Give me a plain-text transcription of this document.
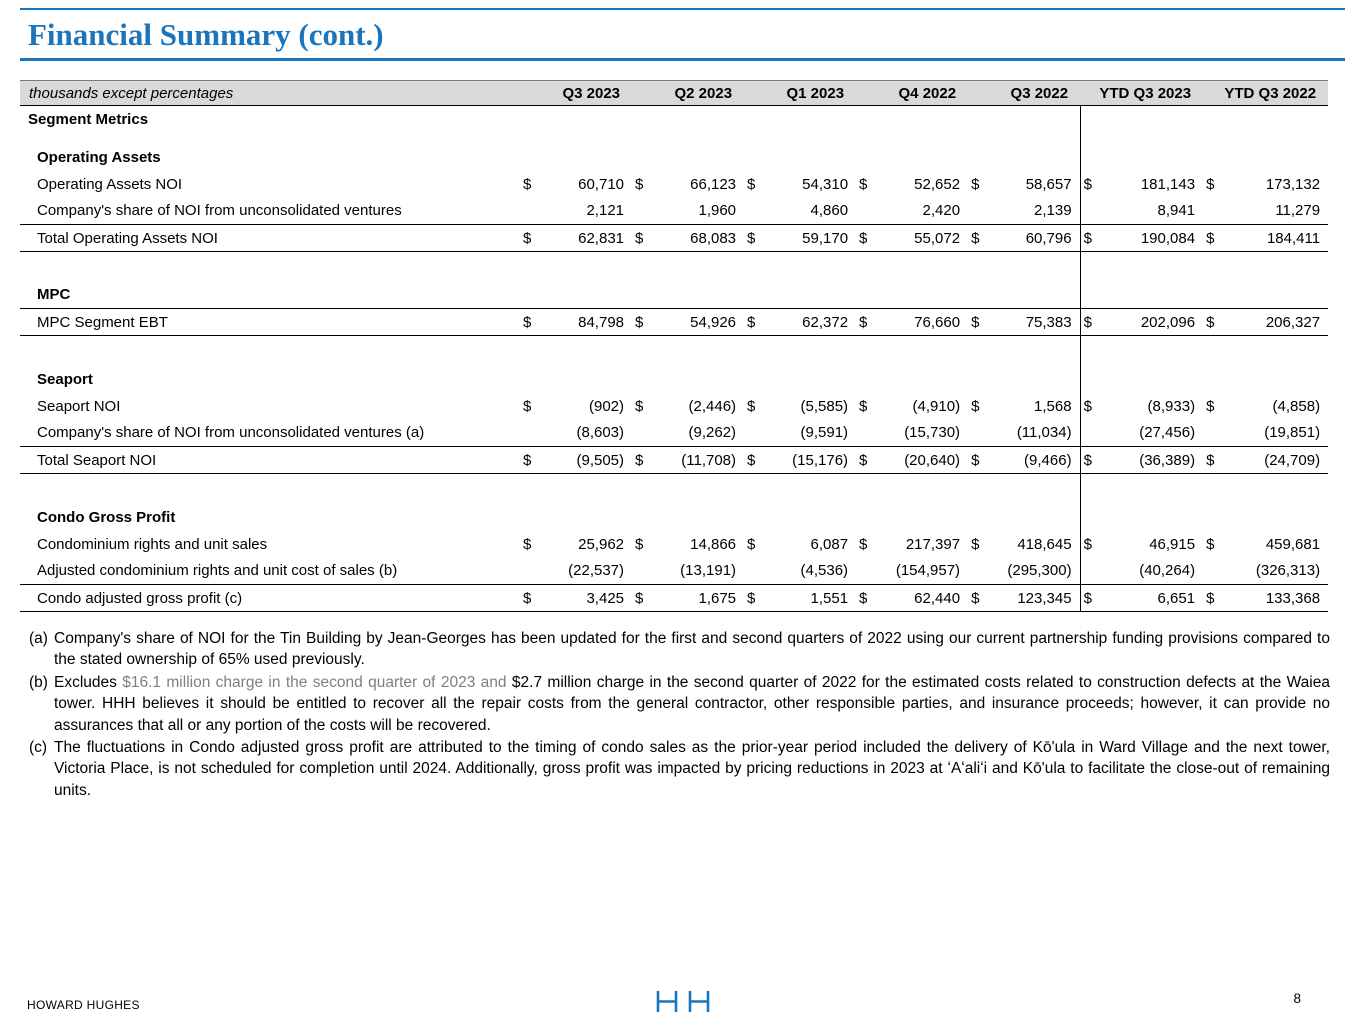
Financial Summary (cont.)
thousands except percentages	Q3 2023		Q2 2023		Q1 2023		Q4 2022		Q3 2022		YTD Q3 2023		YTD Q3 2022	
Segment Metrics														

Operating Assets														
Operating Assets NOI	$	60,710	$	66,123	$	54,310	$	52,652	$	58,657	$	181,143	$	173,132
Company's share of NOI from unconsolidated ventures		2,121		1,960		4,860		2,420		2,139		8,941		11,279
Total Operating Assets NOI	$	62,831	$	68,083	$	59,170	$	55,072	$	60,796	$	190,084	$	184,411

MPC														
MPC Segment EBT	$	84,798	$	54,926	$	62,372	$	76,660	$	75,383	$	202,096	$	206,327

Seaport														
Seaport NOI	$	(902)	$	(2,446)	$	(5,585)	$	(4,910)	$	1,568	$	(8,933)	$	(4,858)
Company's share of NOI from unconsolidated ventures (a)		(8,603)		(9,262)		(9,591)		(15,730)		(11,034)		(27,456)		(19,851)
Total Seaport NOI	$	(9,505)	$	(11,708)	$	(15,176)	$	(20,640)	$	(9,466)	$	(36,389)	$	(24,709)

Condo Gross Profit														
Condominium rights and unit sales	$	25,962	$	14,866	$	6,087	$	217,397	$	418,645	$	46,915	$	459,681
Adjusted condominium rights and unit cost of sales (b)		(22,537)		(13,191)		(4,536)		(154,957)		(295,300)		(40,264)		(326,313)
Condo adjusted gross profit (c)	$	3,425	$	1,675	$	1,551	$	62,440	$	123,345	$	6,651	$	133,368
(a) Company's share of NOI for the Tin Building by Jean-Georges has been updated for the first and second quarters of 2022 using our current partnership funding provisions compared to the stated ownership of 65% used previously.
(b) Excludes $16.1 million charge in the second quarter of 2023 and $2.7 million charge in the second quarter of 2022 for the estimated costs related to construction defects at the Waiea tower. HHH believes it should be entitled to recover all the repair costs from the general contractor, other responsible parties, and insurance proceeds; however, it can provide no assurances that all or any portion of the costs will be recovered.
(c) The fluctuations in Condo adjusted gross profit are attributed to the timing of condo sales as the prior-year period included the delivery of Kō'ula in Ward Village and the next tower, Victoria Place, is not scheduled for completion until 2024. Additionally, gross profit was impacted by pricing reductions in 2023 at ʻAʻaliʻi and Kō'ula to facilitate the close-out of remaining units.
HOWARD HUGHES	8
